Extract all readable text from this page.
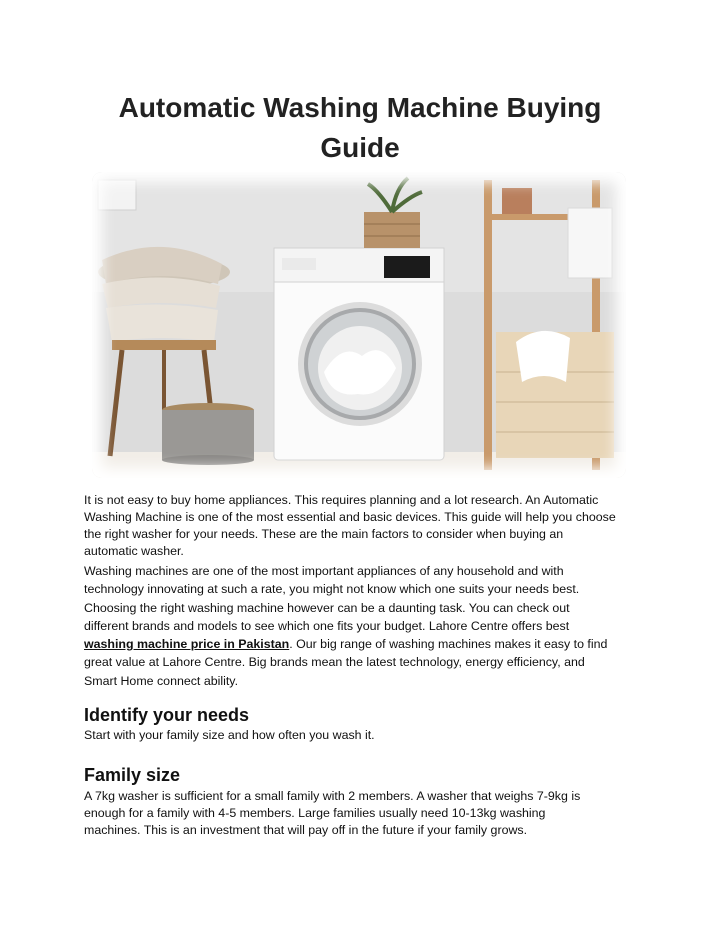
Automatic Washing Machine Buying
Guide
It is not easy to buy home appliances. This requires planning and a lot research. An Automatic
Washing Machine is one of the most essential and basic devices. This guide will help you choose
the right washer for your needs. These are the main factors to consider when buying an
automatic washer.
Washing machines are one of the most important appliances of any household and with
technology innovating at such a rate, you might not know which one suits your needs best.
Choosing the right washing machine however can be a daunting task. You can check out
different brands and models to see which one fits your budget. Lahore Centre offers best
washing machine price in Pakistan. Our big range of washing machines makes it easy to find
great value at Lahore Centre. Big brands mean the latest technology, energy efficiency, and
Smart Home connect ability.
Identify your needs
Start with your family size and how often you wash it.
Family size
A 7kg washer is sufficient for a small family with 2 members. A washer that weighs 7-9kg is
enough for a family with 4-5 members. Large families usually need 10-13kg washing
machines. This is an investment that will pay off in the future if your family grows.
